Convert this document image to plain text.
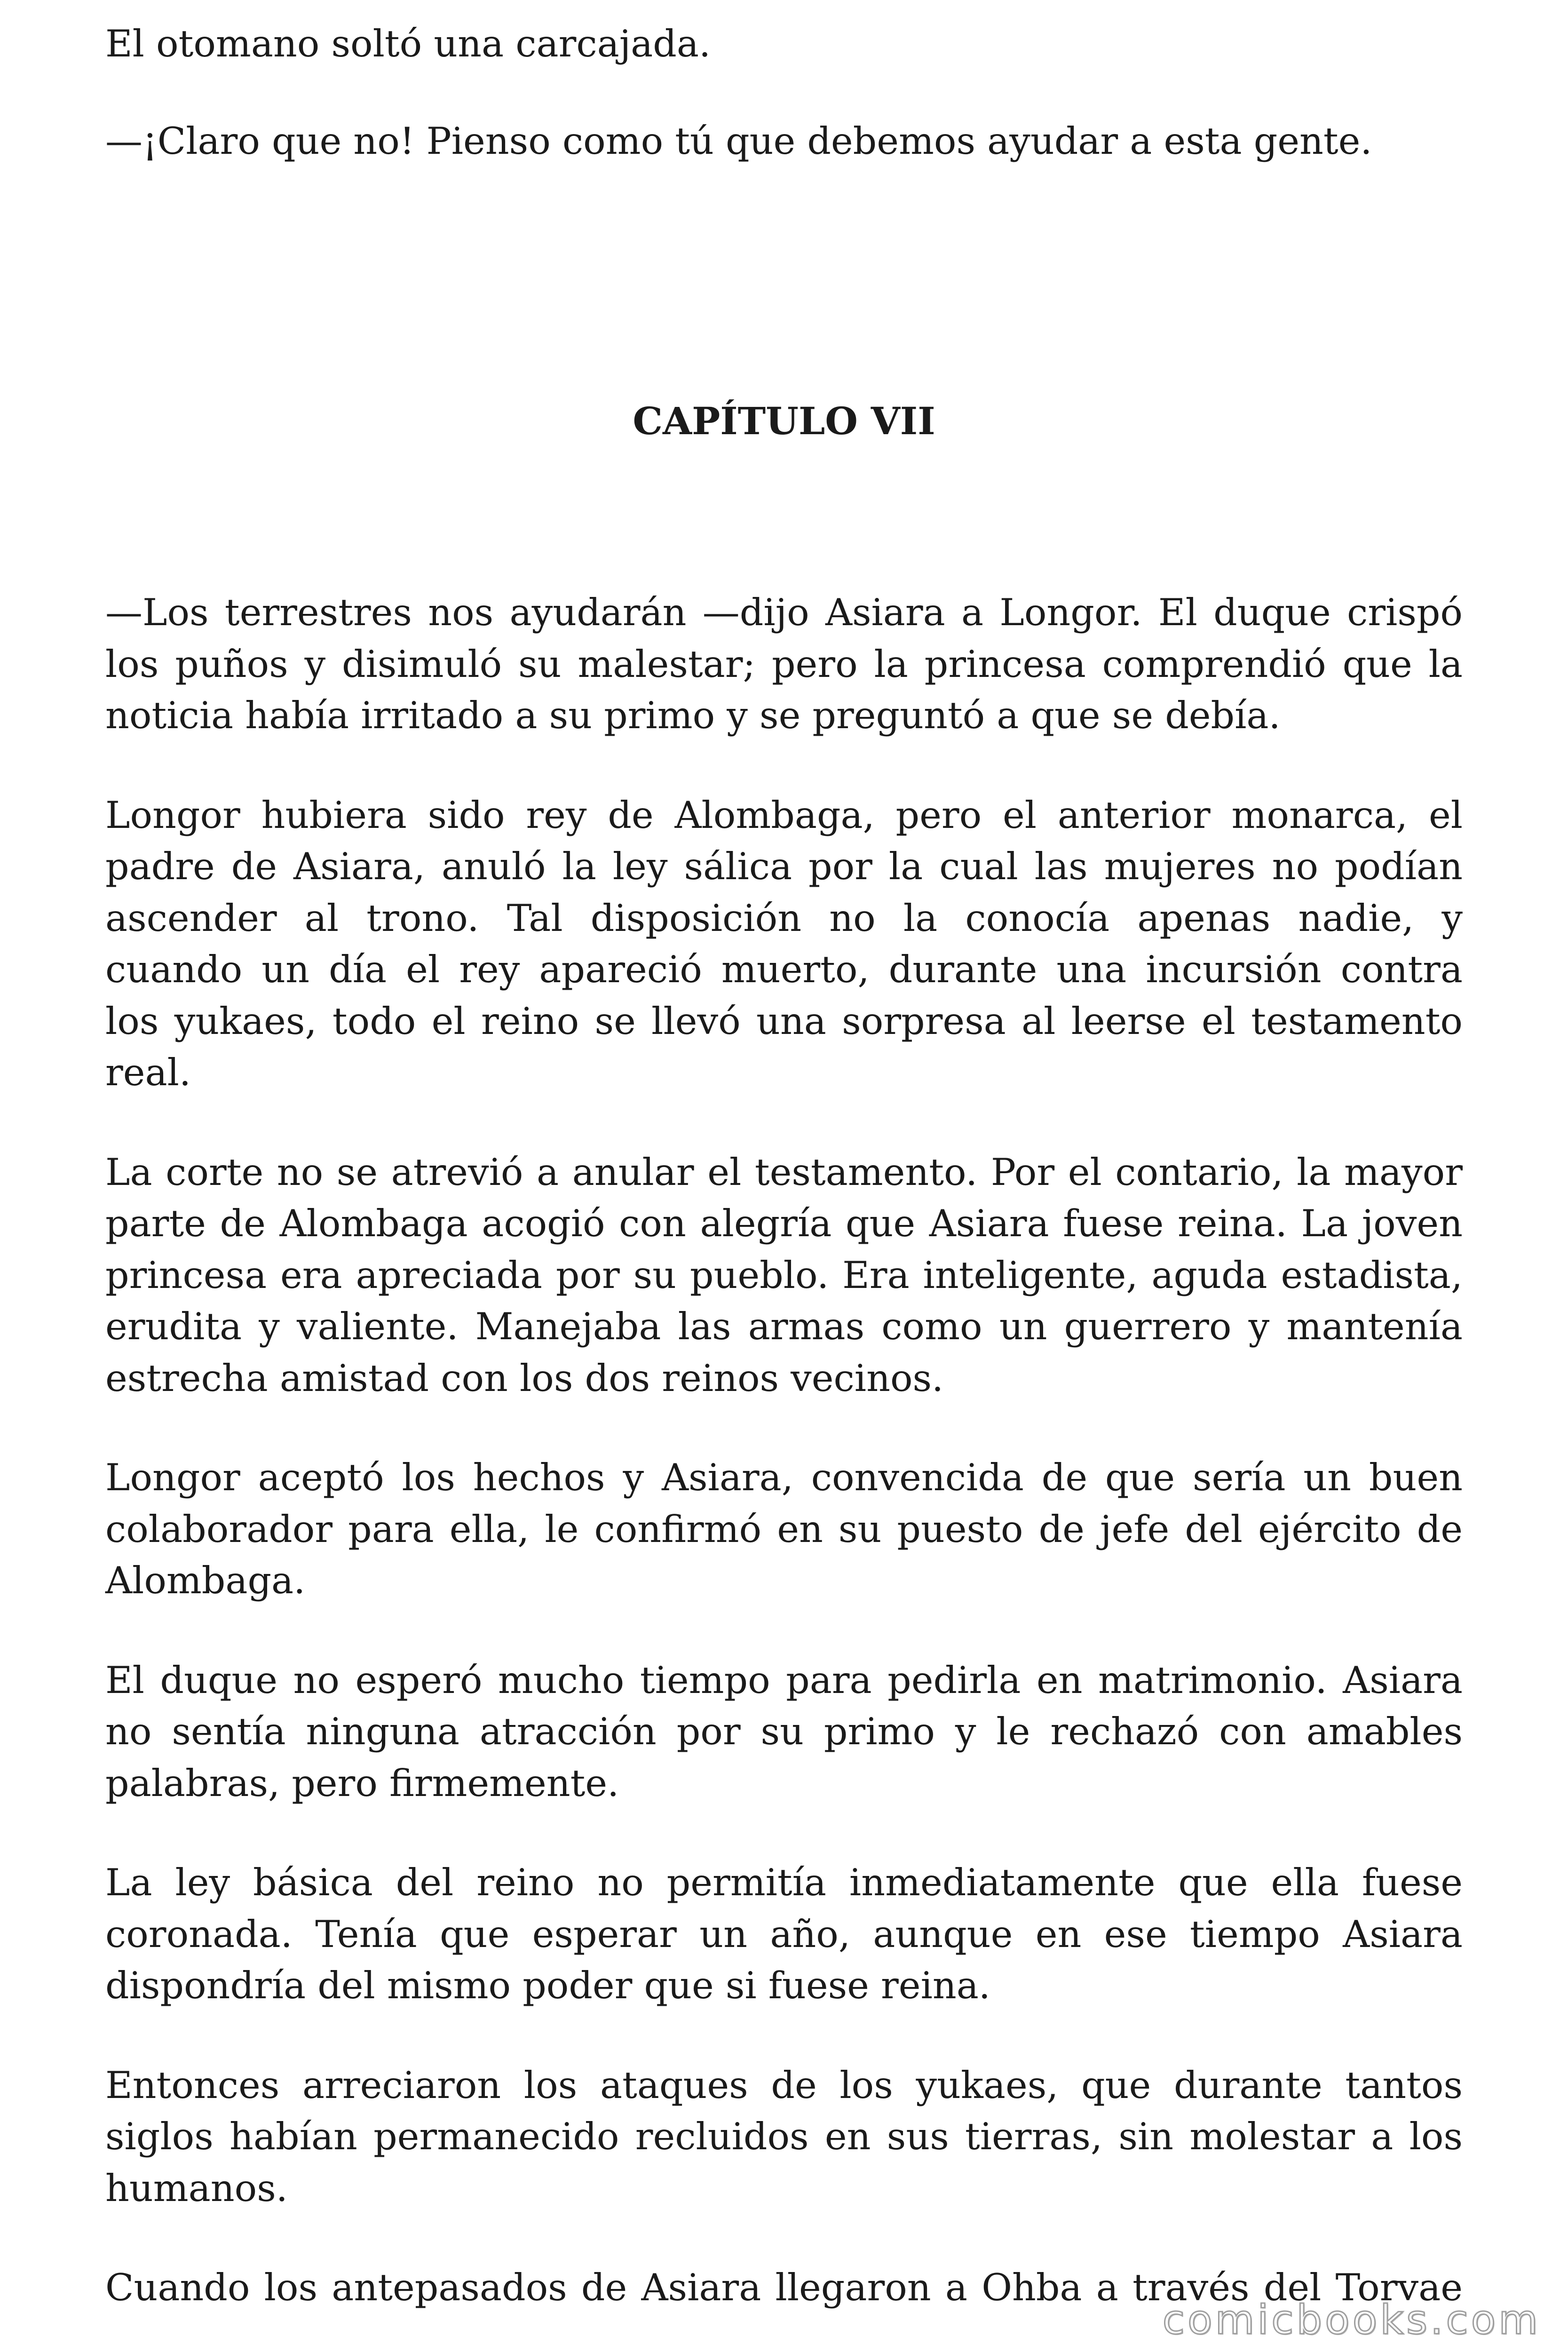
El otomano soltó una carcajada.

—¡Claro que no! Pienso como tú que debemos ayudar a esta gente.

CAPÍTULO VII

—Los terrestres nos ayudarán —dijo Asiara a Longor. El duque crispó
los puños y disimuló su malestar; pero la princesa comprendió que la
noticia había irritado a su primo y se preguntó a que se debía.

Longor hubiera sido rey de Alombaga, pero el anterior monarca, el
padre de Asiara, anuló la ley sálica por la cual las mujeres no podían
ascender al trono. Tal disposición no la conocía apenas nadie, y
cuando un día el rey apareció muerto, durante una incursión contra
los yukaes, todo el reino se llevó una sorpresa al leerse el testamento
real.

La corte no se atrevió a anular el testamento. Por el contario, la mayor
parte de Alombaga acogió con alegría que Asiara fuese reina. La joven
princesa era apreciada por su pueblo. Era inteligente, aguda estadista,
erudita y valiente. Manejaba las armas como un guerrero y mantenía
estrecha amistad con los dos reinos vecinos.

Longor aceptó los hechos y Asiara, convencida de que sería un buen
colaborador para ella, le confirmó en su puesto de jefe del ejército de
Alombaga.

El duque no esperó mucho tiempo para pedirla en matrimonio. Asiara
no sentía ninguna atracción por su primo y le rechazó con amables
palabras, pero firmemente.

La ley básica del reino no permitía inmediatamente que ella fuese
coronada. Tenía que esperar un año, aunque en ese tiempo Asiara
dispondría del mismo poder que si fuese reina.

Entonces arreciaron los ataques de los yukaes, que durante tantos
siglos habían permanecido recluidos en sus tierras, sin molestar a los
humanos.

Cuando los antepasados de Asiara llegaron a Ohba a través del Torvae

comicbooks.com
